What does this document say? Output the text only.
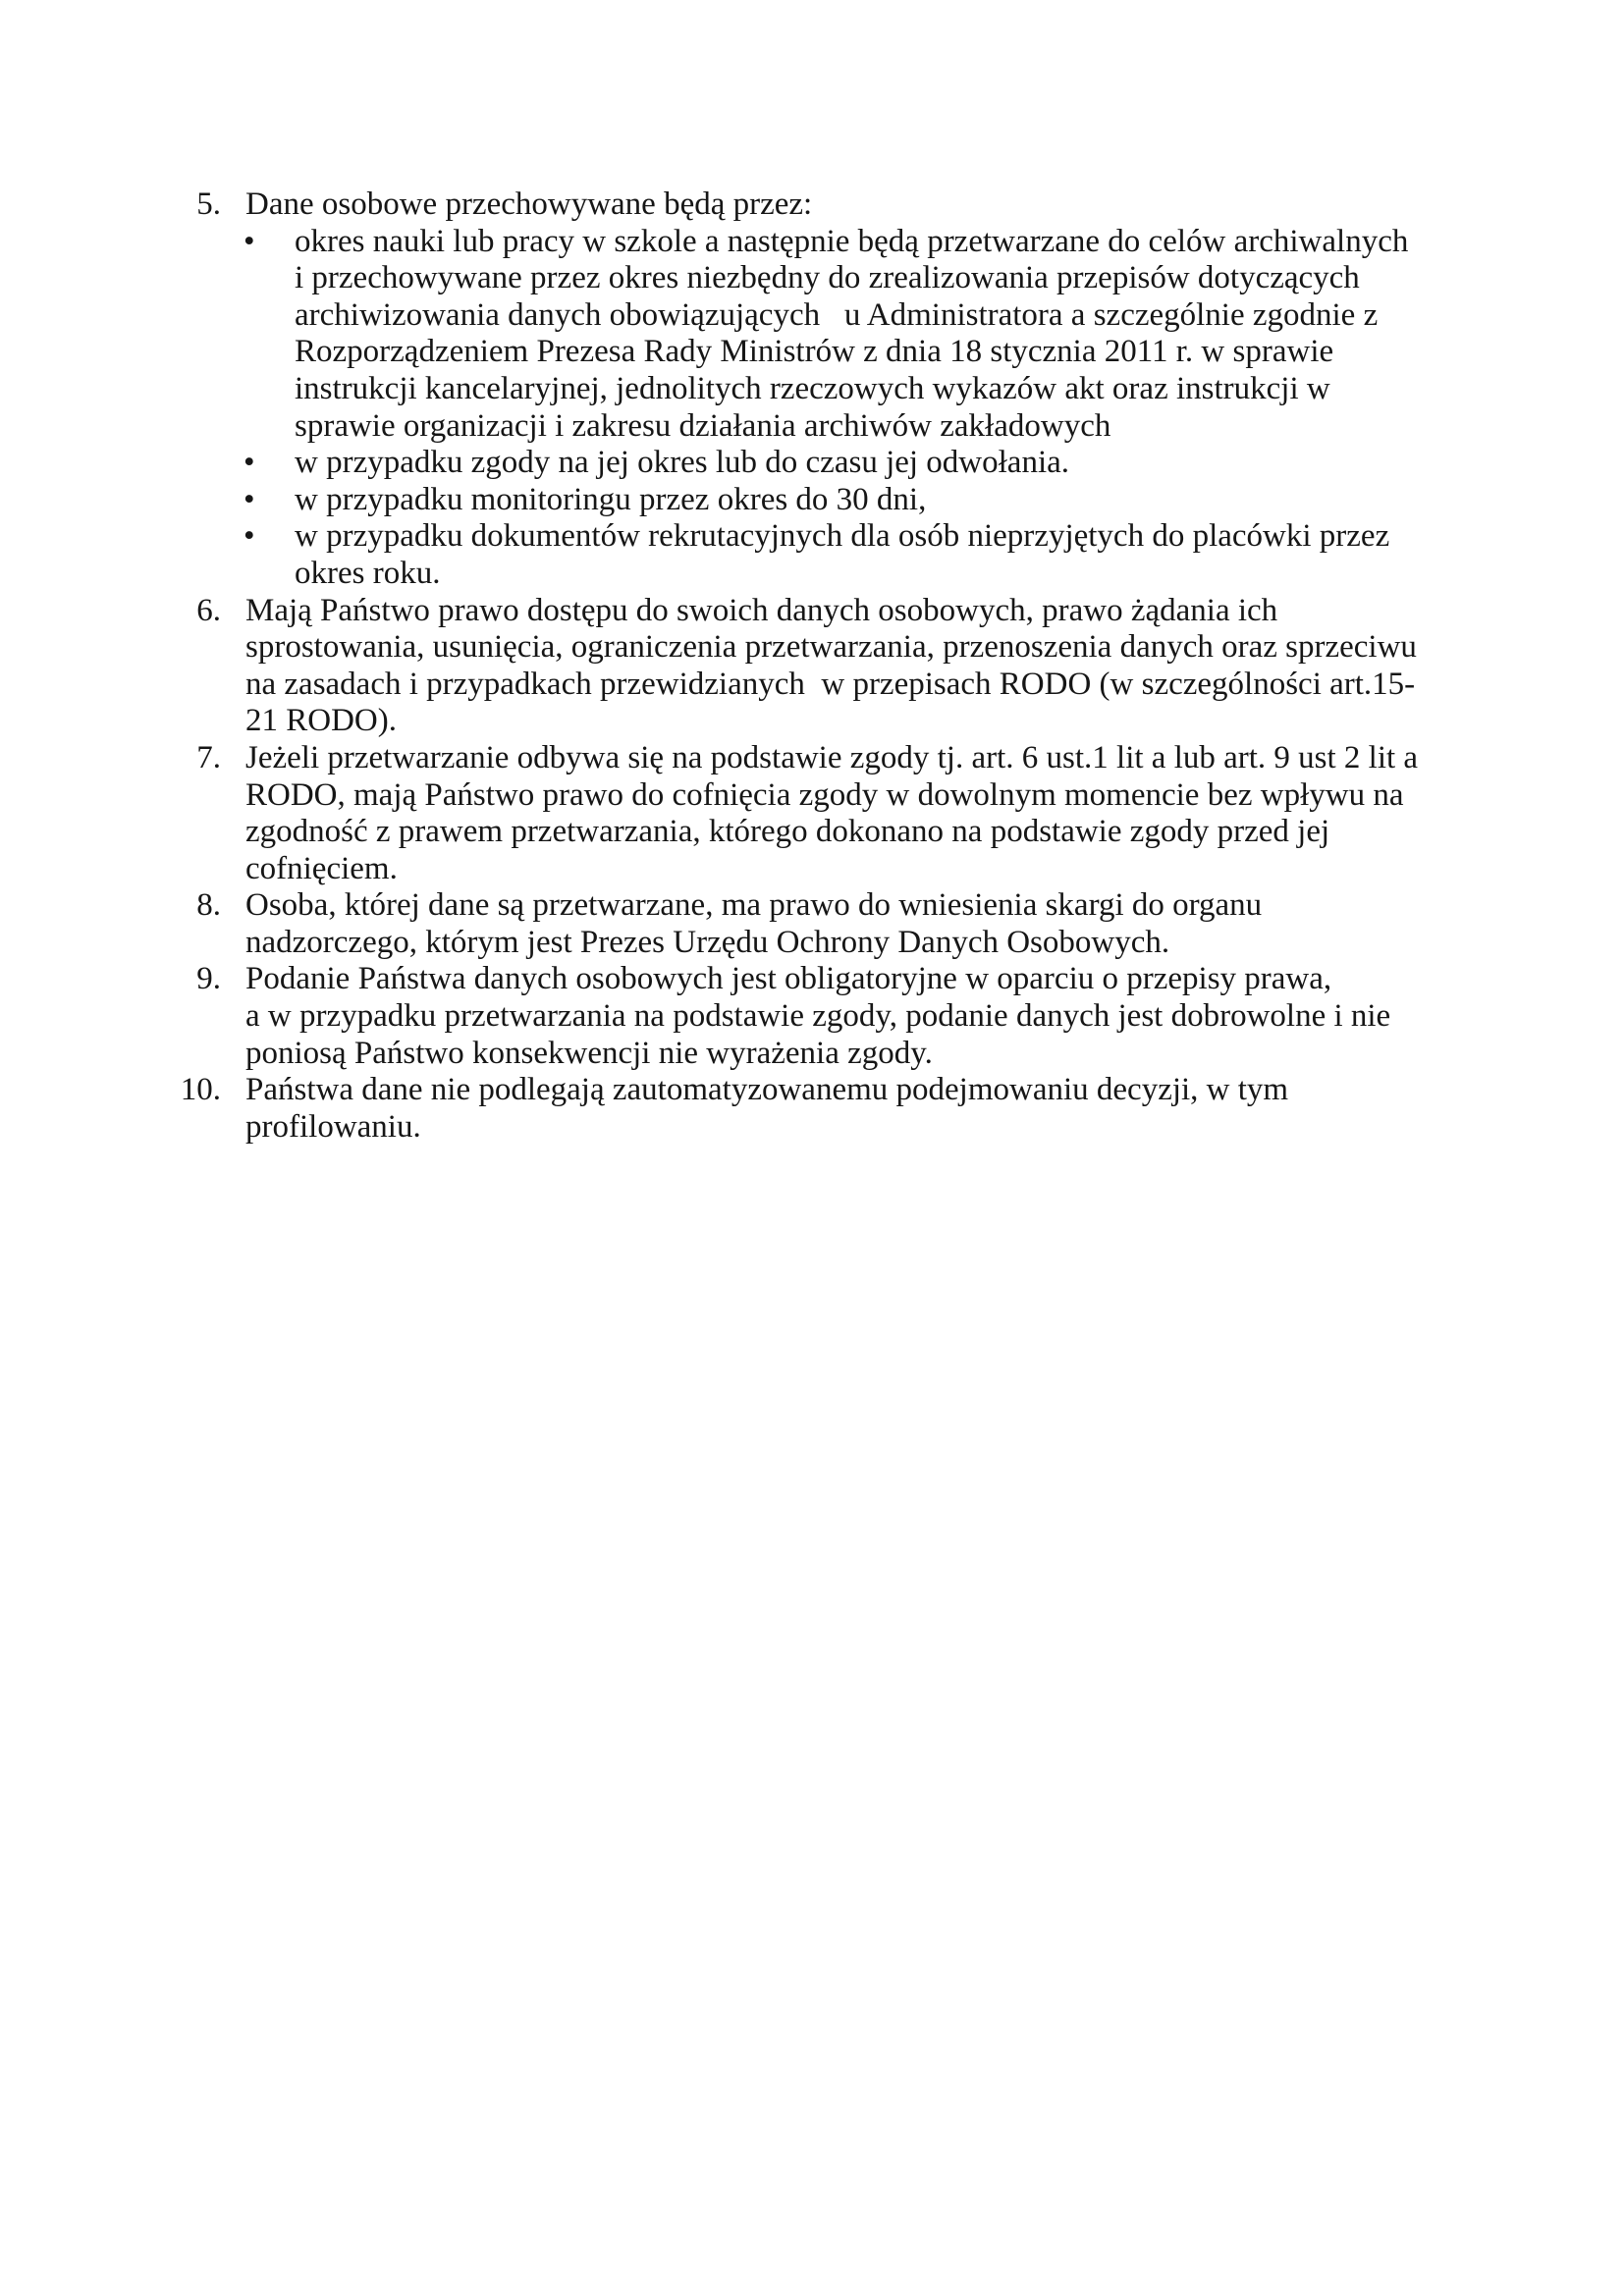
5. Dane osobowe przechowywane będą przez:
• okres nauki lub pracy w szkole a następnie będą przetwarzane do celów archiwalnych
i przechowywane przez okres niezbędny do zrealizowania przepisów dotyczących
archiwizowania danych obowiązujących   u Administratora a szczególnie zgodnie z
Rozporządzeniem Prezesa Rady Ministrów z dnia 18 stycznia 2011 r. w sprawie
instrukcji kancelaryjnej, jednolitych rzeczowych wykazów akt oraz instrukcji w
sprawie organizacji i zakresu działania archiwów zakładowych
• w przypadku zgody na jej okres lub do czasu jej odwołania.
• w przypadku monitoringu przez okres do 30 dni,
• w przypadku dokumentów rekrutacyjnych dla osób nieprzyjętych do placówki przez
okres roku.
6. Mają Państwo prawo dostępu do swoich danych osobowych, prawo żądania ich
sprostowania, usunięcia, ograniczenia przetwarzania, przenoszenia danych oraz sprzeciwu
na zasadach i przypadkach przewidzianych  w przepisach RODO (w szczególności art.15-
21 RODO).
7. Jeżeli przetwarzanie odbywa się na podstawie zgody tj. art. 6 ust.1 lit a lub art. 9 ust 2 lit a
RODO, mają Państwo prawo do cofnięcia zgody w dowolnym momencie bez wpływu na
zgodność z prawem przetwarzania, którego dokonano na podstawie zgody przed jej
cofnięciem.
8. Osoba, której dane są przetwarzane, ma prawo do wniesienia skargi do organu
nadzorczego, którym jest Prezes Urzędu Ochrony Danych Osobowych.
9. Podanie Państwa danych osobowych jest obligatoryjne w oparciu o przepisy prawa,
a w przypadku przetwarzania na podstawie zgody, podanie danych jest dobrowolne i nie
poniosą Państwo konsekwencji nie wyrażenia zgody.
10. Państwa dane nie podlegają zautomatyzowanemu podejmowaniu decyzji, w tym
profilowaniu.
